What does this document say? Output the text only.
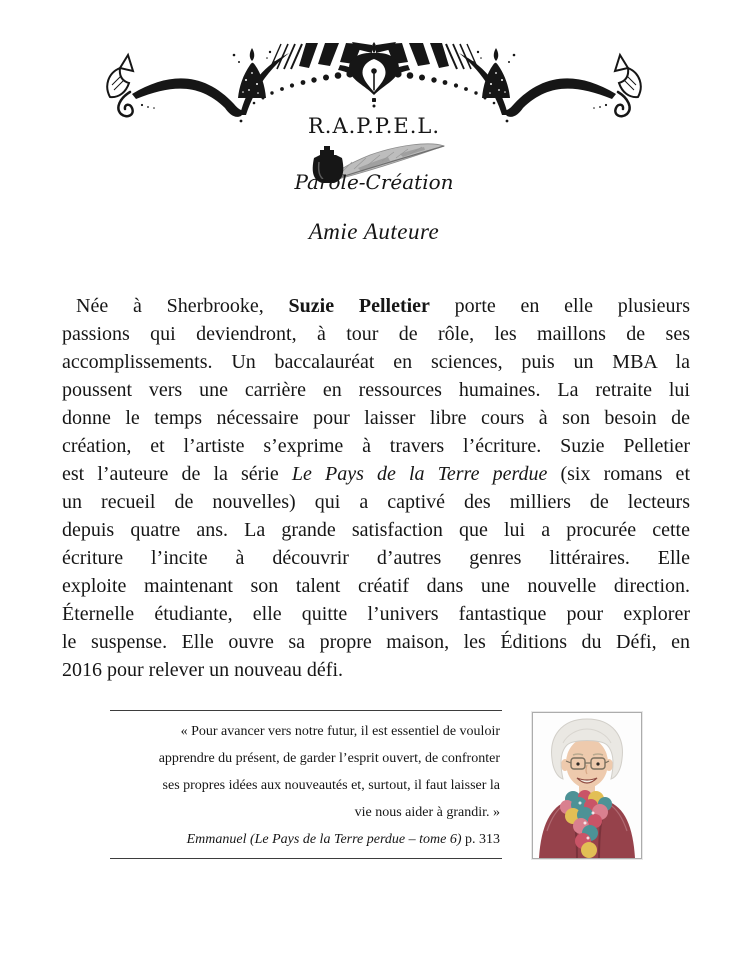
R.A.P.P.E.L.
Parole-Création
Amie Auteure
Née à Sherbrooke, Suzie Pelletier porte en elle plusieurs
passions qui deviendront, à tour de rôle, les maillons de ses
accomplissements. Un baccalauréat en sciences, puis un MBA la
poussent vers une carrière en ressources humaines. La retraite lui
donne le temps nécessaire pour laisser libre cours à son besoin de
création, et l’artiste s’exprime à travers l’écriture. Suzie Pelletier
est l’auteure de la série Le Pays de la Terre perdue (six romans et
un recueil de nouvelles) qui a captivé des milliers de lecteurs
depuis quatre ans. La grande satisfaction que lui a procurée cette
écriture l’incite à découvrir d’autres genres littéraires. Elle
exploite maintenant son talent créatif dans une nouvelle direction.
Éternelle étudiante, elle quitte l’univers fantastique pour explorer
le suspense. Elle ouvre sa propre maison, les Éditions du Défi, en
2016 pour relever un nouveau défi.
« Pour avancer vers notre futur, il est essentiel de vouloir
apprendre du présent, de garder l’esprit ouvert, de confronter
ses propres idées aux nouveautés et, surtout, il faut laisser la
vie nous aider à grandir. »
Emmanuel (Le Pays de la Terre perdue – tome 6) p. 313
